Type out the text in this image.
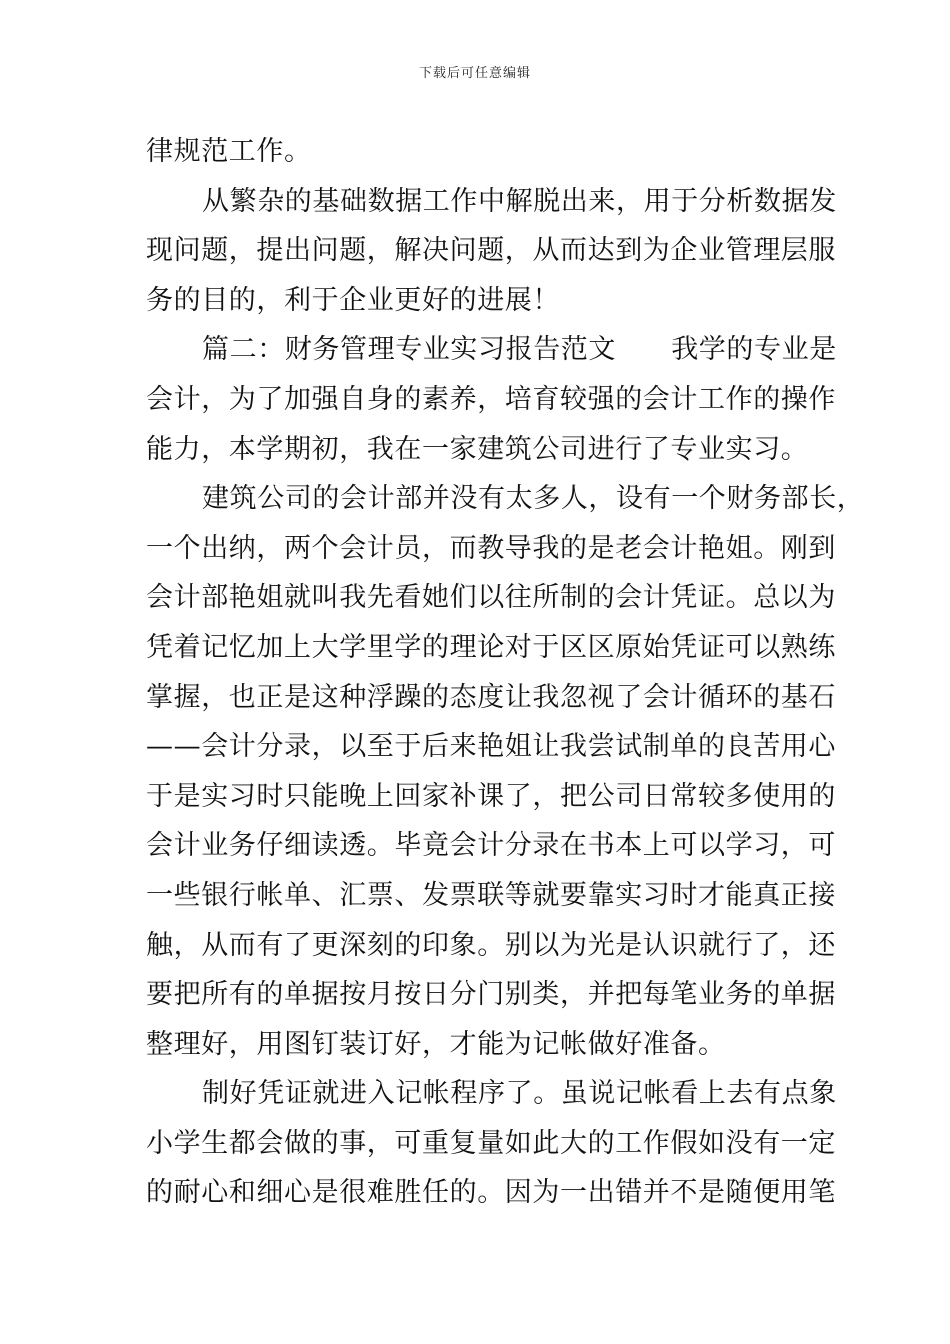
下载后可任意编辑
律规范工作。
从繁杂的基础数据工作中解脱出来，用于分析数据发
现问题，提出问题，解决问题，从而达到为企业管理层服
务的目的，利于企业更好的进展！
篇二：财务管理专业实习报告范文　　我学的专业是
会计，为了加强自身的素养，培育较强的会计工作的操作
能力，本学期初，我在一家建筑公司进行了专业实习。
建筑公司的会计部并没有太多人，设有一个财务部长，
一个出纳，两个会计员，而教导我的是老会计艳姐。刚到
会计部艳姐就叫我先看她们以往所制的会计凭证。总以为
凭着记忆加上大学里学的理论对于区区原始凭证可以熟练
掌握，也正是这种浮躁的态度让我忽视了会计循环的基石
——会计分录，以至于后来艳姐让我尝试制单的良苦用心
于是实习时只能晚上回家补课了，把公司日常较多使用的
会计业务仔细读透。毕竟会计分录在书本上可以学习，可
一些银行帐单、汇票、发票联等就要靠实习时才能真正接
触，从而有了更深刻的印象。别以为光是认识就行了，还
要把所有的单据按月按日分门别类，并把每笔业务的单据
整理好，用图钉装订好，才能为记帐做好准备。
制好凭证就进入记帐程序了。虽说记帐看上去有点象
小学生都会做的事，可重复量如此大的工作假如没有一定
的耐心和细心是很难胜任的。因为一出错并不是随便用笔
